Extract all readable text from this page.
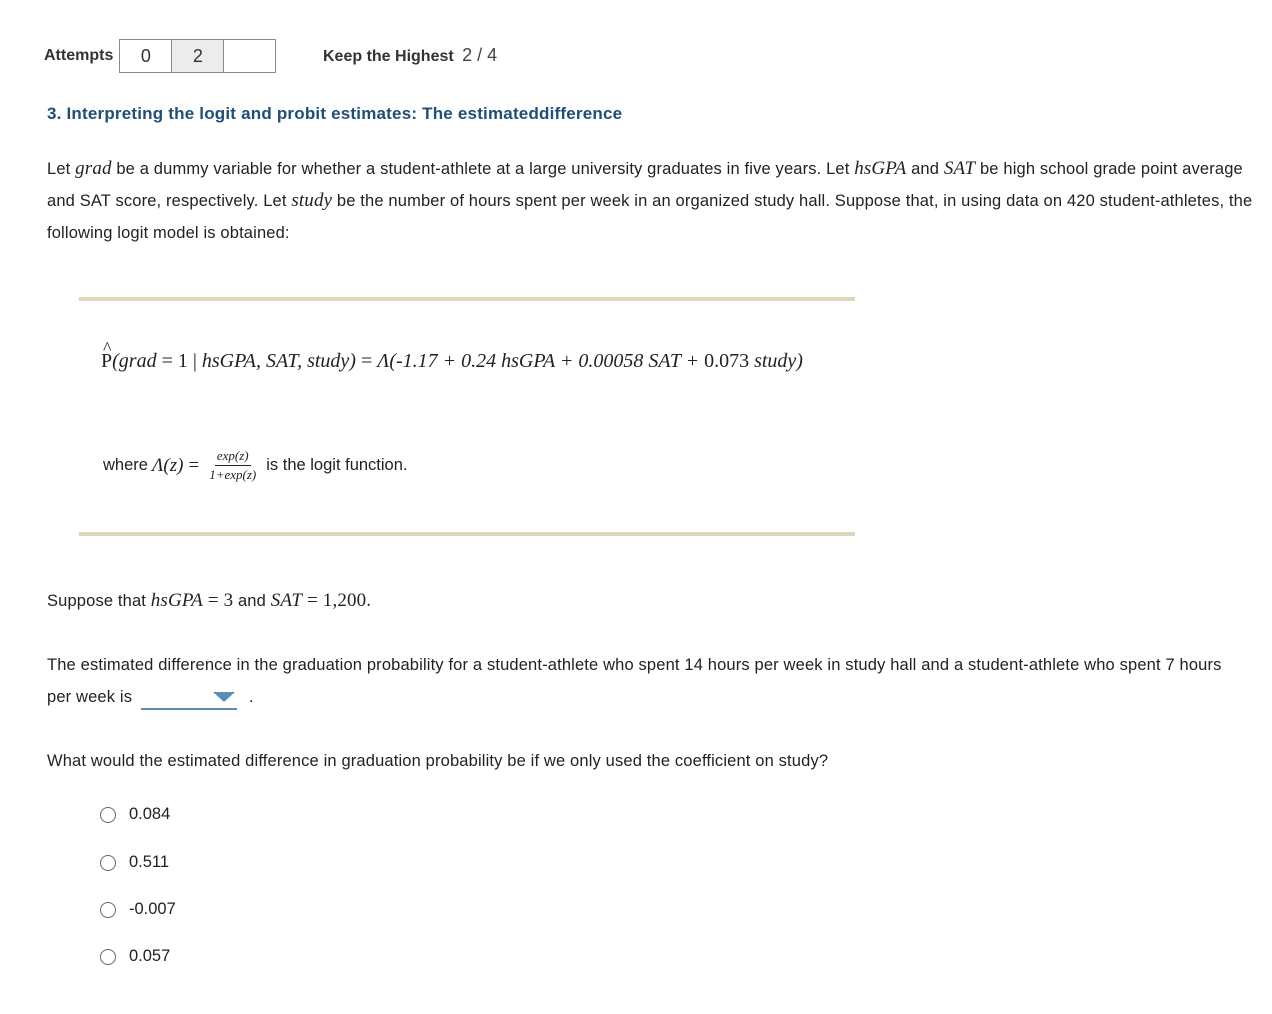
Attempts	0	2	Keep the Highest 2 / 4
3. Interpreting the logit and probit estimates: The estimateddifference
Let grad be a dummy variable for whether a student-athlete at a large university graduates in five years. Let hsGPA and SAT be high school grade point average and SAT score, respectively. Let study be the number of hours spent per week in an organized study hall. Suppose that, in using data on 420 student-athletes, the following logit model is obtained:
^ P(grad = 1 | hsGPA, SAT, study) = Λ(-1.17 + 0.24 hsGPA + 0.00058 SAT + 0.073 study)
where $\Lambda(z) = \frac{\exp(z)}{1+\exp(z)}$ is the logit function.
Suppose that hsGPA = 3 and SAT = 1,200.
The estimated difference in the graduation probability for a student-athlete who spent 14 hours per week in study hall and a student-athlete who spent 7 hours per week is	.
What would the estimated difference in graduation probability be if we only used the coefficient on study?
0.084
0.511
-0.007
0.057
